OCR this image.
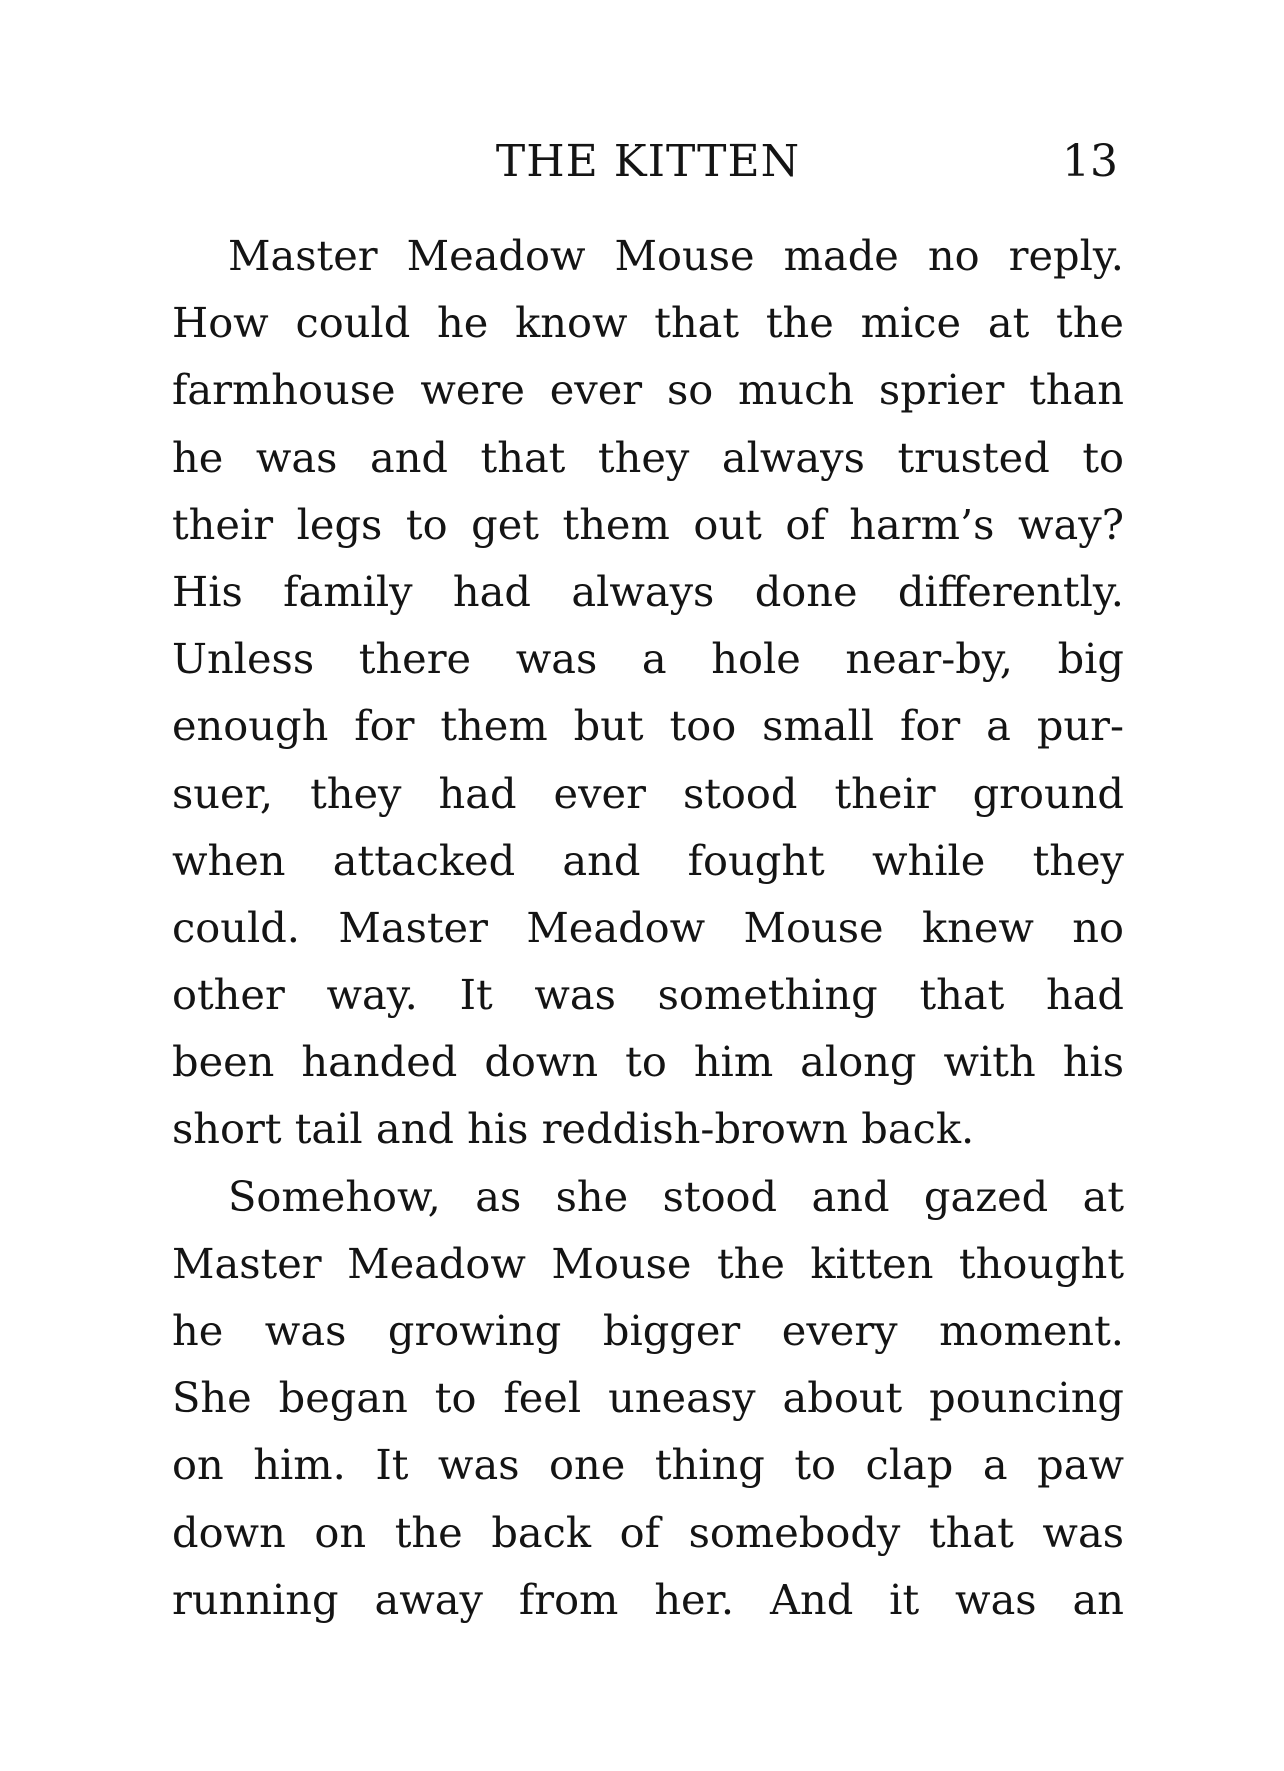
THE KITTEN	13
Master Meadow Mouse made no reply.
How could he know that the mice at the
farmhouse were ever so much sprier than
he was and that they always trusted to
their legs to get them out of harm’s way?
His family had always done differently.
Unless there was a hole near-by, big
enough for them but too small for a pur-
suer, they had ever stood their ground
when attacked and fought while they
could. Master Meadow Mouse knew no
other way. It was something that had
been handed down to him along with his
short tail and his reddish-brown back.
Somehow, as she stood and gazed at
Master Meadow Mouse the kitten thought
he was growing bigger every moment.
She began to feel uneasy about pouncing
on him. It was one thing to clap a paw
down on the back of somebody that was
running away from her. And it was an
